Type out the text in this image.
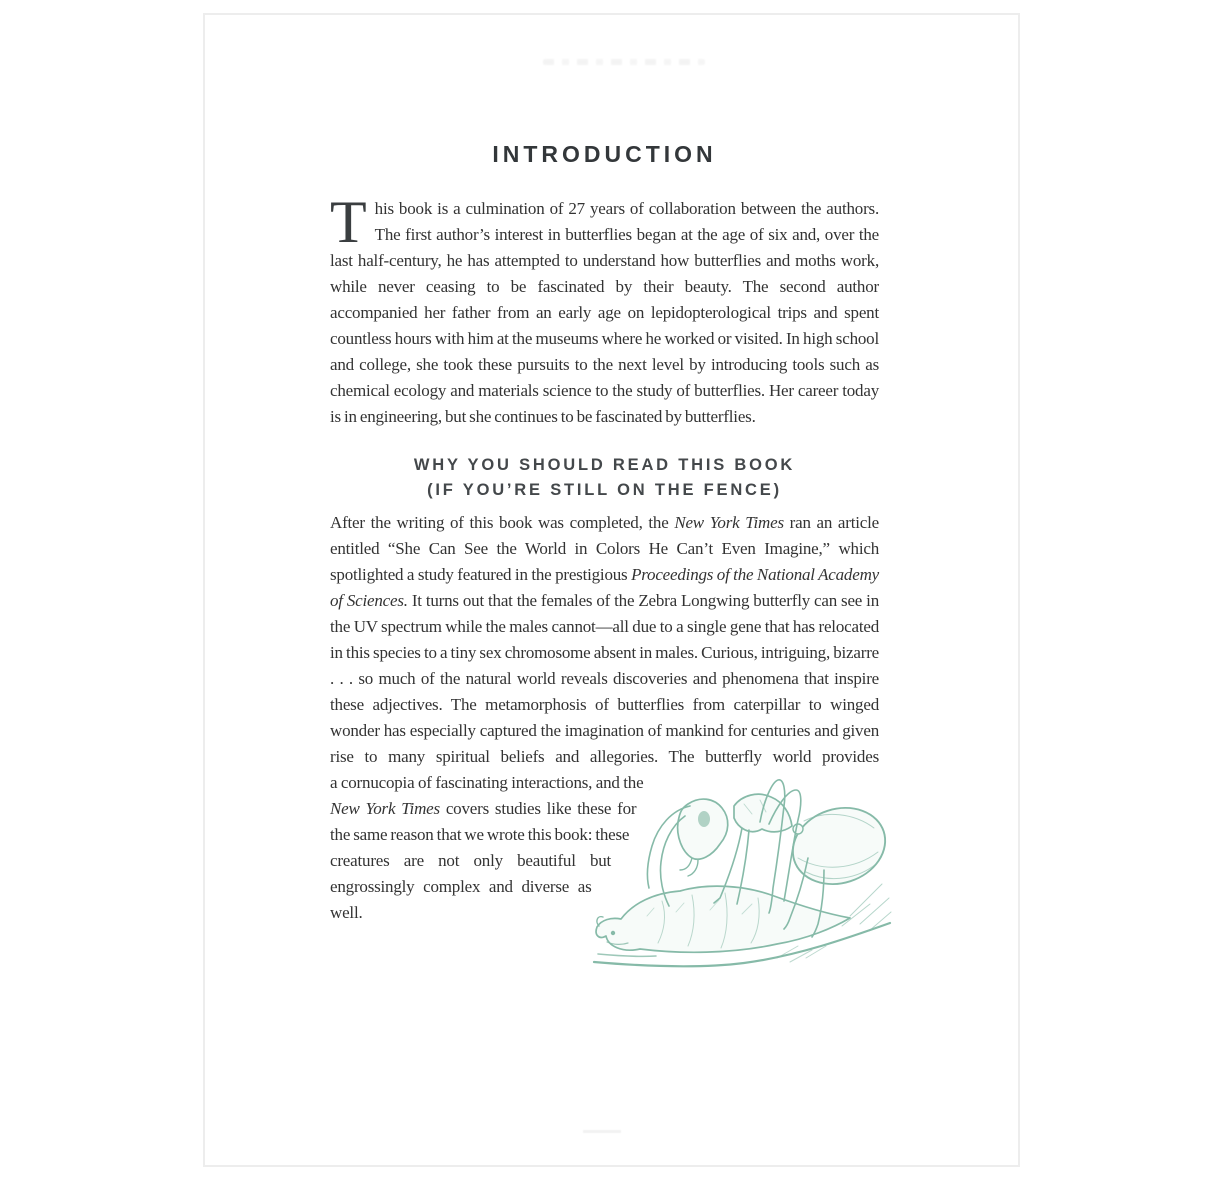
INTRODUCTION

This book is a culmination of 27 years of collaboration between the authors. The first author’s interest in butterflies began at the age of six and, over the last half-century, he has attempted to understand how butterflies and moths work, while never ceasing to be fascinated by their beauty. The second author accompanied her father from an early age on lepidopterological trips and spent countless hours with him at the museums where he worked or visited. In high school and college, she took these pursuits to the next level by introducing tools such as chemical ecology and materials science to the study of butterflies. Her career today is in engineering, but she continues to be fascinated by butterflies.

WHY YOU SHOULD READ THIS BOOK
(IF YOU’RE STILL ON THE FENCE)
After the writing of this book was completed, the New York Times ran an article entitled “She Can See the World in Colors He Can’t Even Imagine,” which spotlighted a study featured in the prestigious Proceedings of the National Academy of Sciences. It turns out that the females of the Zebra Longwing butterfly can see in the UV spectrum while the males cannot—all due to a single gene that has relocated in this species to a tiny sex chromosome absent in males. Curious, intriguing, bizarre . . . so much of the natural world reveals discoveries and phenomena that inspire these adjectives. The metamorphosis of butterflies from caterpillar to winged wonder has especially captured the imagination of mankind for centuries and given rise to many spiritual beliefs and allegories. The butterfly world provides
a cornucopia of fascinating interactions, and the New York Times covers studies like these for the same reason that we wrote this book: these creatures are not only beautiful but engrossingly complex and diverse as well.
